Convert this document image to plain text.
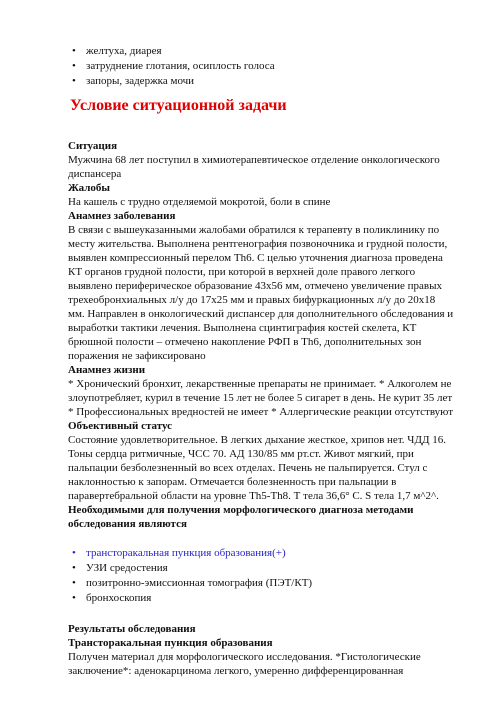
• желтуха, диарея
• затруднение глотания, осиплость голоса
• запоры, задержка мочи
Условие ситуационной задачи

Ситуация

Мужчина 68 лет поступил в химиотерапевтическое отделение онкологического диспансера

Жалобы

На кашель с трудно отделяемой мокротой, боли в спине

Анамнез заболевания

В связи с вышеуказанными жалобами обратился к терапевту в поликлинику по месту жительства. Выполнена рентгенография позвоночника и грудной полости, выявлен компрессионный перелом Th6. С целью уточнения диагноза проведена КТ органов грудной полости, при которой в верхней доле правого легкого выявлено периферическое образование 43х56 мм, отмечено увеличение правых трехеобронхиальных л/у до 17х25 мм и правых бифуркационных л/у до 20х18 мм. Направлен в онкологический диспансер для дополнительного обследования и выработки тактики лечения. Выполнена сцинтиграфия костей скелета, КТ брюшной полости – отмечено накопление РФП в Th6, дополнительных зон поражения не зафиксировано

Анамнез жизни

* Хронический бронхит, лекарственные препараты не принимает. * Алкоголем не злоупотребляет, курил в течение 15 лет не более 5 сигарет в день. Не курит 35 лет * Профессиональных вредностей не имеет * Аллергические реакции отсутствуют

Объективный статус

Состояние удовлетворительное. В легких дыхание жесткое, хрипов нет. ЧДД 16. Тоны сердца ритмичные, ЧСС 70. АД 130/85 мм рт.ст. Живот мягкий, при пальпации безболезненный во всех отделах. Печень не пальпируется. Стул с наклонностью к запорам. Отмечается болезненность при пальпации в паравертебральной области на уровне Th5-Th8. Т тела 36,6° С. S тела 1,7 м^2^.

Необходимыми для получения морфологического диагноза методами обследования являются

• трансторакальная пункция образования(+)
• УЗИ средостения
• позитронно-эмиссионная томография (ПЭТ/КТ)
• бронхоскопия

Результаты обследования

Трансторакальная пункция образования

Получен материал для морфологического исследования. *Гистологические заключение*: аденокарцинома легкого, умеренно дифференцированная
